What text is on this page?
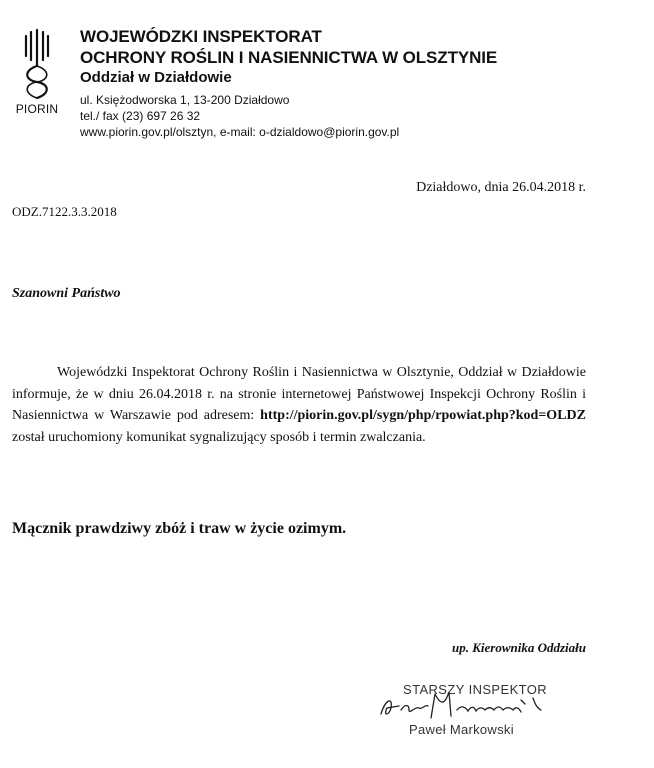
PIORIN
WOJEWÓDZKI INSPEKTORAT
OCHRONY ROŚLIN I NASIENNICTWA W OLSZTYNIE
Oddział w Działdowie
ul. Księżodworska 1, 13-200 Działdowo
tel./ fax (23) 697 26 32
www.piorin.gov.pl/olsztyn, e-mail: o-dzialdowo@piorin.gov.pl
Działdowo, dnia 26.04.2018 r.
ODZ.7122.3.3.2018
Szanowni Państwo
Wojewódzki Inspektorat Ochrony Roślin i Nasiennictwa w Olsztynie, Oddział w Działdowie informuje, że w dniu 26.04.2018 r. na stronie internetowej Państwowej Inspekcji Ochrony Roślin i Nasiennictwa w Warszawie pod adresem: http://piorin.gov.pl/sygn/php/rpowiat.php?kod=OLDZ został uruchomiony komunikat sygnalizujący sposób i termin zwalczania.
Mącznik prawdziwy zbóż i traw w życie ozimym.
up. Kierownika Oddziału
STARSZY INSPEKTOR
Paweł Markowski
Paweł Markowski
